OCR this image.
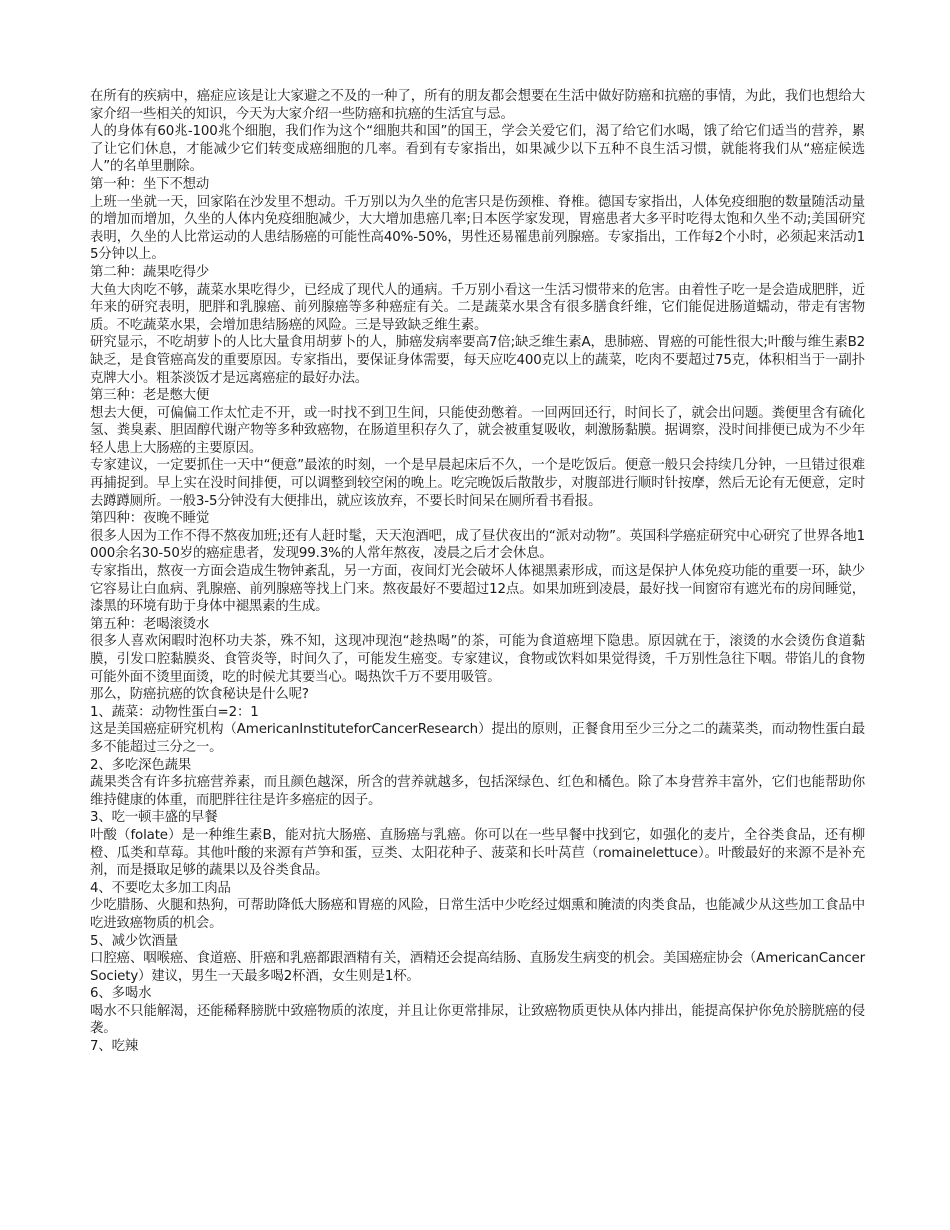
在所有的疾病中，癌症应该是让大家避之不及的一种了，所有的朋友都会想要在生活中做好防癌和抗癌的事情，为此，我们也想给大家介绍一些相关的知识，今天为大家介绍一些防癌和抗癌的生活宜与忌。

人的身体有60兆-100兆个细胞，我们作为这个“细胞共和国”的国王，学会关爱它们，渴了给它们水喝，饿了给它们适当的营养，累了让它们休息，才能减少它们转变成癌细胞的几率。看到有专家指出，如果减少以下五种不良生活习惯，就能将我们从“癌症候选人”的名单里删除。

第一种：坐下不想动

上班一坐就一天，回家陷在沙发里不想动。千万别以为久坐的危害只是伤颈椎、脊椎。德国专家指出，人体免疫细胞的数量随活动量的增加而增加，久坐的人体内免疫细胞减少，大大增加患癌几率;日本医学家发现，胃癌患者大多平时吃得太饱和久坐不动;美国研究表明，久坐的人比常运动的人患结肠癌的可能性高40%-50%，男性还易罹患前列腺癌。专家指出，工作每2个小时，必须起来活动15分钟以上。

第二种：蔬果吃得少

大鱼大肉吃不够，蔬菜水果吃得少，已经成了现代人的通病。千万别小看这一生活习惯带来的危害。由着性子吃一是会造成肥胖，近年来的研究表明，肥胖和乳腺癌、前列腺癌等多种癌症有关。二是蔬菜水果含有很多膳食纤维，它们能促进肠道蠕动，带走有害物质。不吃蔬菜水果，会增加患结肠癌的风险。三是导致缺乏维生素。

研究显示，不吃胡萝卜的人比大量食用胡萝卜的人，肺癌发病率要高7倍;缺乏维生素A，患肺癌、胃癌的可能性很大;叶酸与维生素B2缺乏，是食管癌高发的重要原因。专家指出，要保证身体需要，每天应吃400克以上的蔬菜，吃肉不要超过75克，体积相当于一副扑克牌大小。粗茶淡饭才是远离癌症的最好办法。

第三种：老是憋大便

想去大便，可偏偏工作太忙走不开，或一时找不到卫生间，只能使劲憋着。一回两回还行，时间长了，就会出问题。粪便里含有硫化氢、粪臭素、胆固醇代谢产物等多种致癌物，在肠道里积存久了，就会被重复吸收，刺激肠黏膜。据调察，没时间排便已成为不少年轻人患上大肠癌的主要原因。

专家建议，一定要抓住一天中“便意”最浓的时刻，一个是早晨起床后不久，一个是吃饭后。便意一般只会持续几分钟，一旦错过很难再捕捉到。早上实在没时间排便，可以调整到较空闲的晚上。吃完晚饭后散散步，对腹部进行顺时针按摩，然后无论有无便意，定时去蹲蹲厕所。一般3-5分钟没有大便排出，就应该放弃，不要长时间呆在厕所看书看报。

第四种：夜晚不睡觉

很多人因为工作不得不熬夜加班;还有人赶时髦，天天泡酒吧，成了昼伏夜出的“派对动物”。英国科学癌症研究中心研究了世界各地1000余名30-50岁的癌症患者，发现99.3%的人常年熬夜，凌晨之后才会休息。

专家指出，熬夜一方面会造成生物钟紊乱，另一方面，夜间灯光会破坏人体褪黑素形成，而这是保护人体免疫功能的重要一环，缺少它容易让白血病、乳腺癌、前列腺癌等找上门来。熬夜最好不要超过12点。如果加班到凌晨，最好找一间窗帘有遮光布的房间睡觉，漆黑的环境有助于身体中褪黑素的生成。

第五种：老喝滚烫水

很多人喜欢闲暇时泡杯功夫茶，殊不知，这现冲现泡“趁热喝”的茶，可能为食道癌埋下隐患。原因就在于，滚烫的水会烫伤食道黏膜，引发口腔黏膜炎、食管炎等，时间久了，可能发生癌变。专家建议，食物或饮料如果觉得烫，千万别性急往下咽。带馅儿的食物可能外面不烫里面烫，吃的时候尤其要当心。喝热饮千万不要用吸管。

那么，防癌抗癌的饮食秘诀是什么呢?

1、蔬菜：动物性蛋白=2：1

这是美国癌症研究机构（AmericanInstituteforCancerResearch）提出的原则，正餐食用至少三分之二的蔬菜类，而动物性蛋白最多不能超过三分之一。

2、多吃深色蔬果

蔬果类含有许多抗癌营养素，而且颜色越深，所含的营养就越多，包括深绿色、红色和橘色。除了本身营养丰富外，它们也能帮助你维持健康的体重，而肥胖往往是许多癌症的因子。

3、吃一顿丰盛的早餐

叶酸（folate）是一种维生素B，能对抗大肠癌、直肠癌与乳癌。你可以在一些早餐中找到它，如强化的麦片，全谷类食品，还有柳橙、瓜类和草莓。其他叶酸的来源有芦笋和蛋，豆类、太阳花种子、菠菜和长叶莴苣（romainelettuce）。叶酸最好的来源不是补充剂，而是摄取足够的蔬果以及谷类食品。

4、不要吃太多加工肉品

少吃腊肠、火腿和热狗，可帮助降低大肠癌和胃癌的风险，日常生活中少吃经过烟熏和腌渍的肉类食品，也能减少从这些加工食品中吃进致癌物质的机会。

5、减少饮酒量

口腔癌、咽喉癌、食道癌、肝癌和乳癌都跟酒精有关，酒精还会提高结肠、直肠发生病变的机会。美国癌症协会（AmericanCancerSociety）建议，男生一天最多喝2杯酒，女生则是1杯。

6、多喝水

喝水不只能解渴，还能稀释膀胱中致癌物质的浓度，并且让你更常排尿，让致癌物质更快从体内排出，能提高保护你免於膀胱癌的侵袭。

7、吃辣
